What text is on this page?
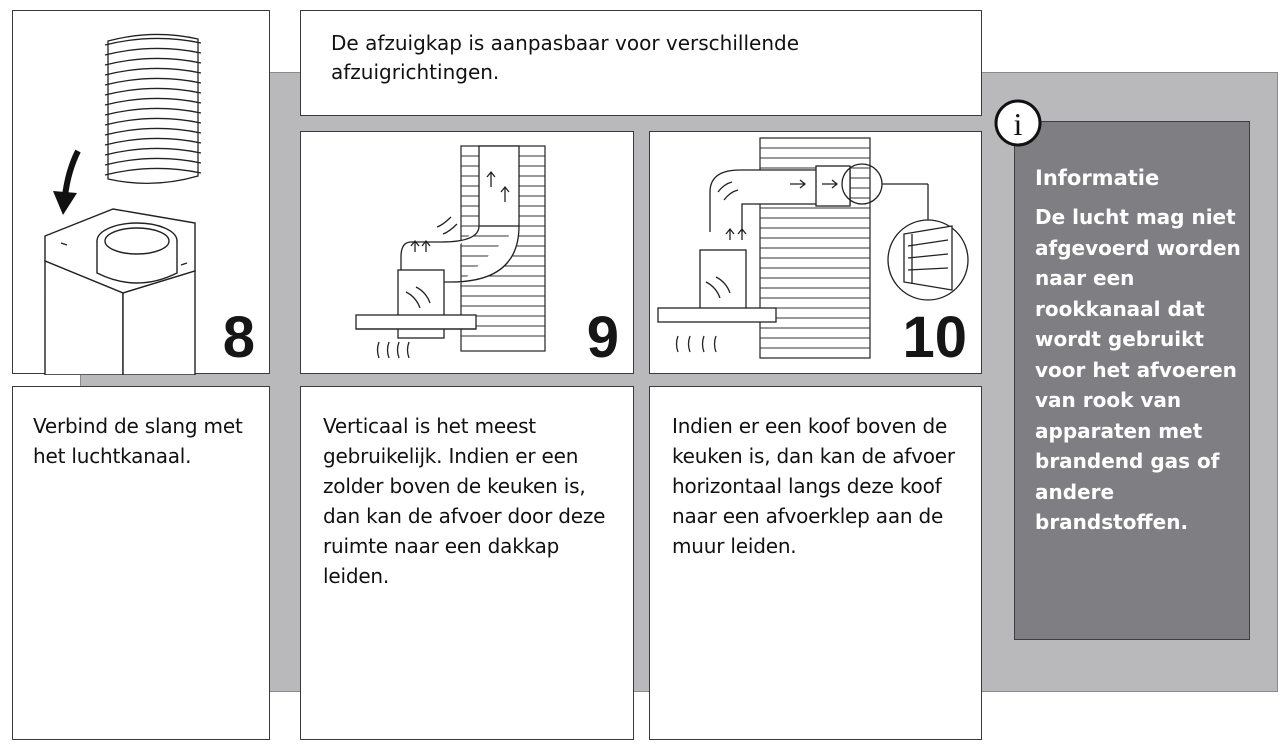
De afzuigkap is aanpasbaar voor verschillende afzuigrichtingen.
8	9	10
Verbind de slang met het luchtkanaal.
Verticaal is het meest gebruikelijk. Indien er een zolder boven de keuken is, dan kan de afvoer door deze ruimte naar een dakkap leiden.
Indien er een koof boven de keuken is, dan kan de afvoer horizontaal langs deze koof naar een afvoerklep aan de muur leiden.
Informatie
De lucht mag niet afgevoerd worden naar een rookkanaal dat wordt gebruikt voor het afvoeren van rook van apparaten met brandend gas of andere brandstoffen.
i
